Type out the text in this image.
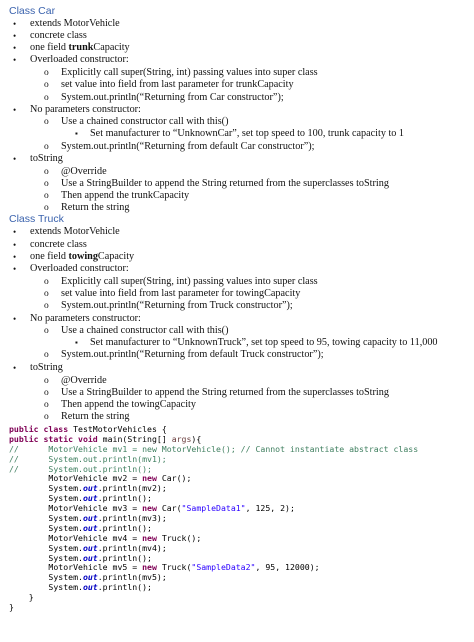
Class Car
• extends MotorVehicle
• concrete class
• one field trunkCapacity
• Overloaded constructor:
o Explicitly call super(String, int) passing values into super class
o set value into field from last parameter for trunkCapacity
o System.out.println(“Returning from Car constructor”);
• No parameters constructor:
o Use a chained constructor call with this()
▪ Set manufacturer to “UnknownCar”, set top speed to 100, trunk capacity to 1
o System.out.println(“Returning from default Car constructor”);
• toString
o @Override
o Use a StringBuilder to append the String returned from the superclasses toString
o Then append the trunkCapacity
o Return the string
Class Truck
• extends MotorVehicle
• concrete class
• one field towingCapacity
• Overloaded constructor:
o Explicitly call super(String, int) passing values into super class
o set value into field from last parameter for towingCapacity
o System.out.println(“Returning from Truck constructor”);
• No parameters constructor:
o Use a chained constructor call with this()
▪ Set manufacturer to “UnknownTruck”, set top speed to 95, towing capacity to 11,000
o System.out.println(“Returning from default Truck constructor”);
• toString
o @Override
o Use a StringBuilder to append the String returned from the superclasses toString
o Then append the towingCapacity
o Return the string
public class TestMotorVehicles {
public static void main(String[] args){
//      MotorVehicle mv1 = new MotorVehicle(); // Cannot instantiate abstract class
//      System.out.println(mv1);
//      System.out.println();
MotorVehicle mv2 = new Car();
System.out.println(mv2);
System.out.println();
MotorVehicle mv3 = new Car("SampleData1", 125, 2);
System.out.println(mv3);
System.out.println();
MotorVehicle mv4 = new Truck();
System.out.println(mv4);
System.out.println();
MotorVehicle mv5 = new Truck("SampleData2", 95, 12000);
System.out.println(mv5);
System.out.println();
}
}
